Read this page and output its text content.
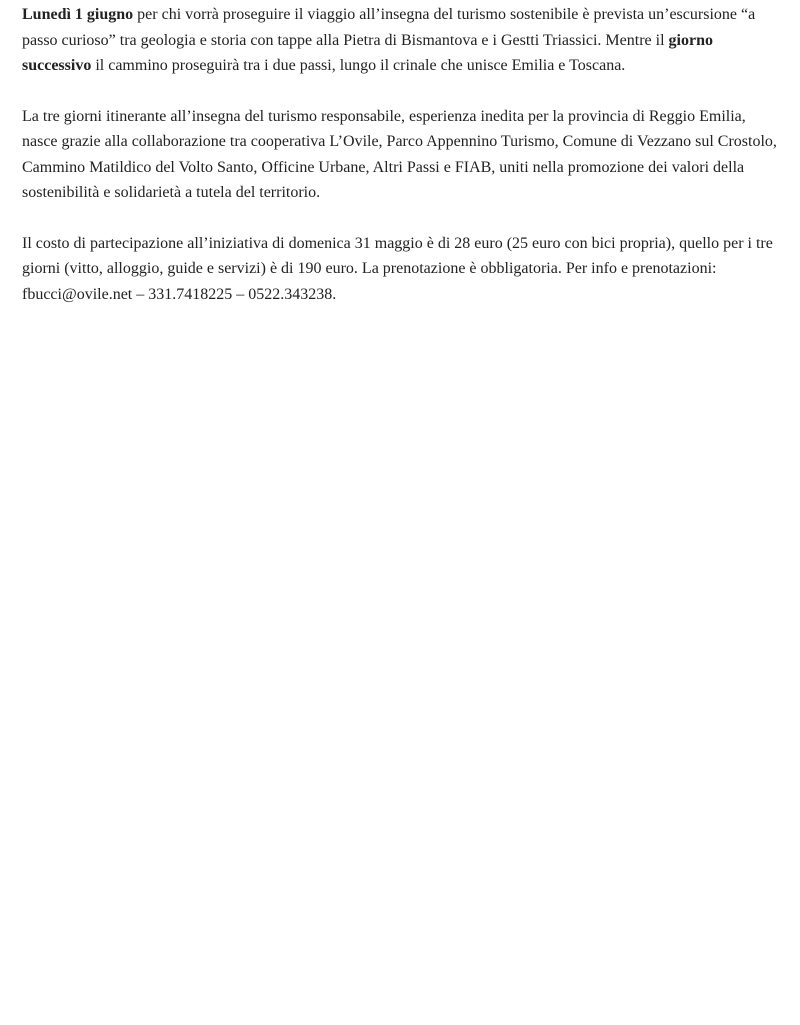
Lunedì 1 giugno per chi vorrà proseguire il viaggio all’insegna del turismo sostenibile è prevista un’escursione “a passo curioso” tra geologia e storia con tappe alla Pietra di Bismantova e i Gestti Triassici. Mentre il giorno successivo il cammino proseguirà tra i due passi, lungo il crinale che unisce Emilia e Toscana.

La tre giorni itinerante all’insegna del turismo responsabile, esperienza inedita per la provincia di Reggio Emilia, nasce grazie alla collaborazione tra cooperativa L’Ovile, Parco Appennino Turismo, Comune di Vezzano sul Crostolo, Cammino Matildico del Volto Santo, Officine Urbane, Altri Passi e FIAB, uniti nella promozione dei valori della sostenibilità e solidarietà a tutela del territorio.

Il costo di partecipazione all’iniziativa di domenica 31 maggio è di 28 euro (25 euro con bici propria), quello per i tre giorni (vitto, alloggio, guide e servizi) è di 190 euro. La prenotazione è obbligatoria. Per info e prenotazioni: fbucci@ovile.net – 331.7418225 – 0522.343238.
